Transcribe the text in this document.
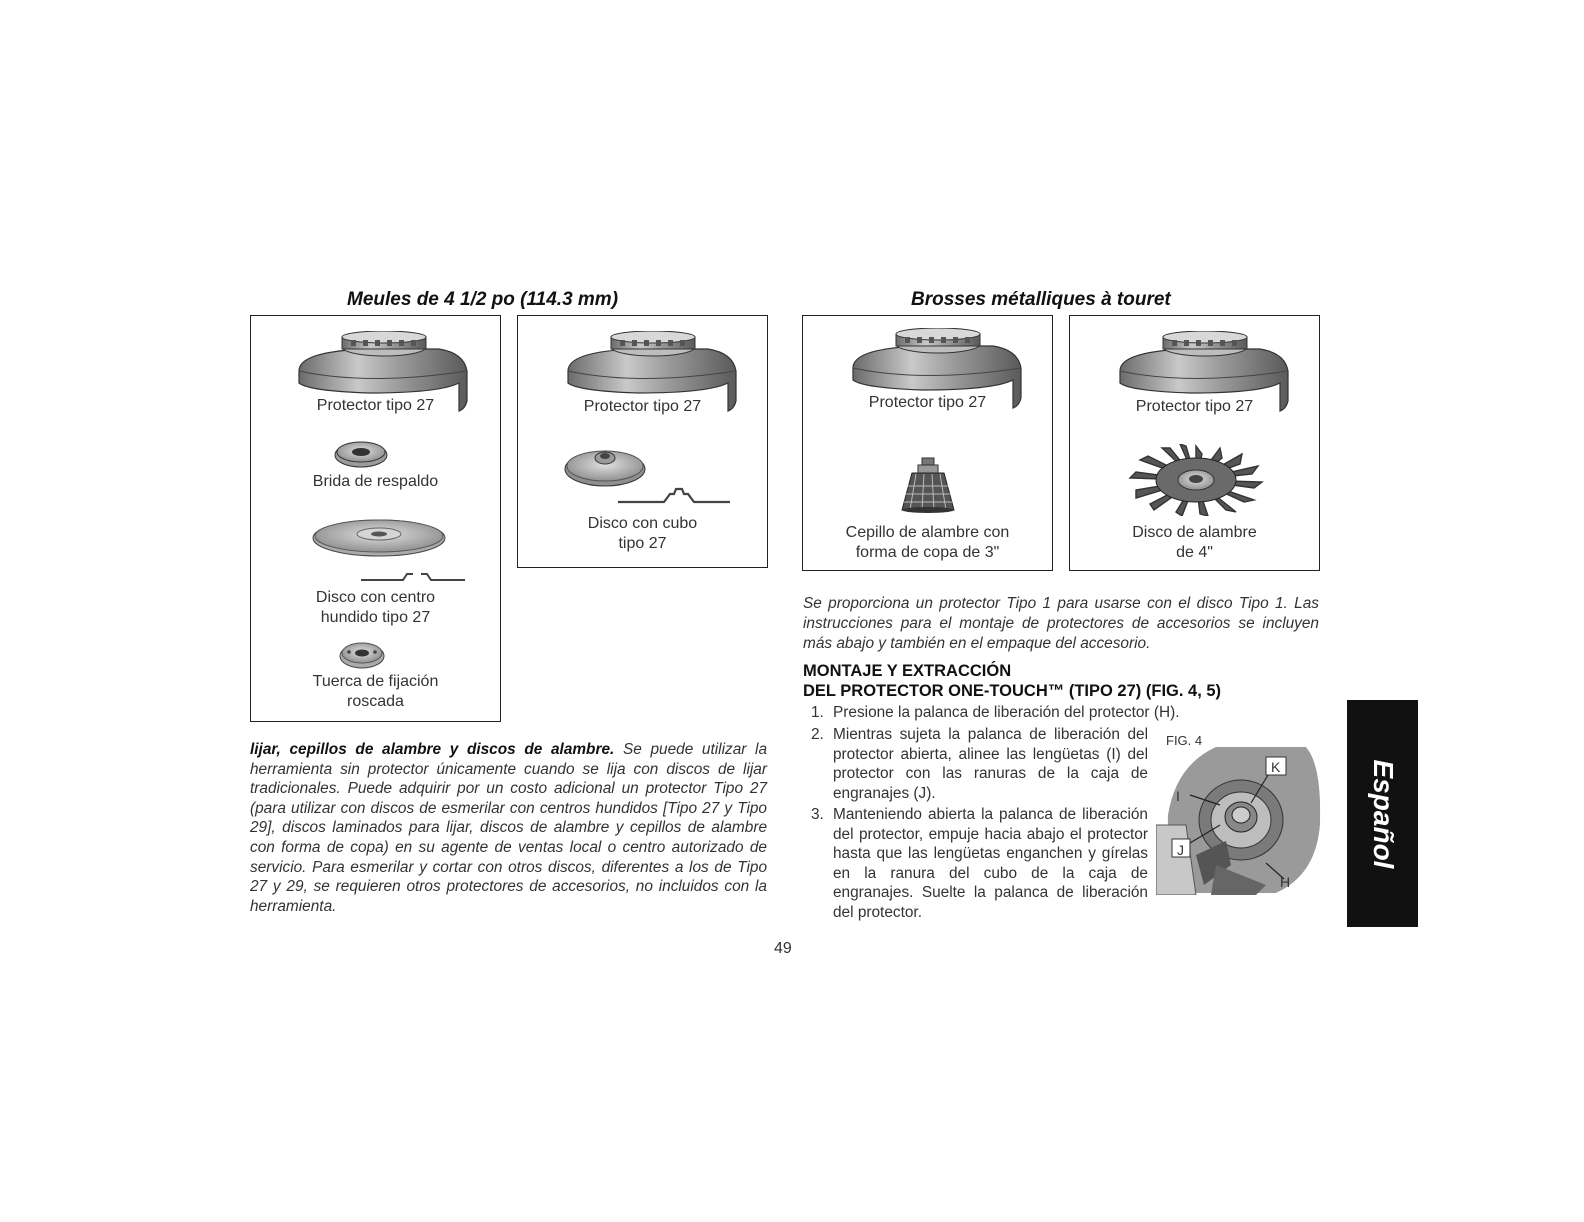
Meules de 4 1/2 po (114.3 mm)	Brosses métalliques à touret
Protector tipo 27
Brida de respaldo
Disco con centro
hundido tipo 27
Tuerca de fijación
roscada
Protector tipo 27
Disco con cubo
tipo 27
Protector tipo 27
Cepillo de alambre con
forma de copa de 3"
Protector tipo 27
Disco de alambre
de 4"
lijar, cepillos de alambre y discos de alambre. Se puede utilizar la herramienta sin protector únicamente cuando se lija con discos de lijar tradicionales. Puede adquirir por un costo adicional un protector Tipo 27 (para utilizar con discos de esmerilar con centros hundidos [Tipo 27 y Tipo 29], discos laminados para lijar, discos de alambre y cepillos de alambre con forma de copa) en su agente de ventas local o centro autorizado de servicio. Para esmerilar y cortar con otros discos, diferentes a los de Tipo 27 y 29, se requieren otros protectores de accesorios, no incluidos con la herramienta.
Se proporciona un protector Tipo 1 para usarse con el disco Tipo 1. Las instrucciones para el montaje de protectores de accesorios se incluyen más abajo y también en el empaque del accesorio.
MONTAJE Y EXTRACCIÓN
DEL PROTECTOR ONE-TOUCH™ (TIPO 27) (FIG. 4, 5)
1. Presione la palanca de liberación del protector (H).
2. Mientras sujeta la palanca de liberación del protector abierta, alinee las lengüetas (I) del protector con las ranuras de la caja de engranajes (J).
3. Manteniendo abierta la palanca de liberación del protector, empuje hacia abajo el protector hasta que las lengüetas enganchen y gírelas en la ranura del cubo de la caja de engranajes. Suelte la palanca de liberación del protector.
FIG. 4
K
I
J
H
49
Español
